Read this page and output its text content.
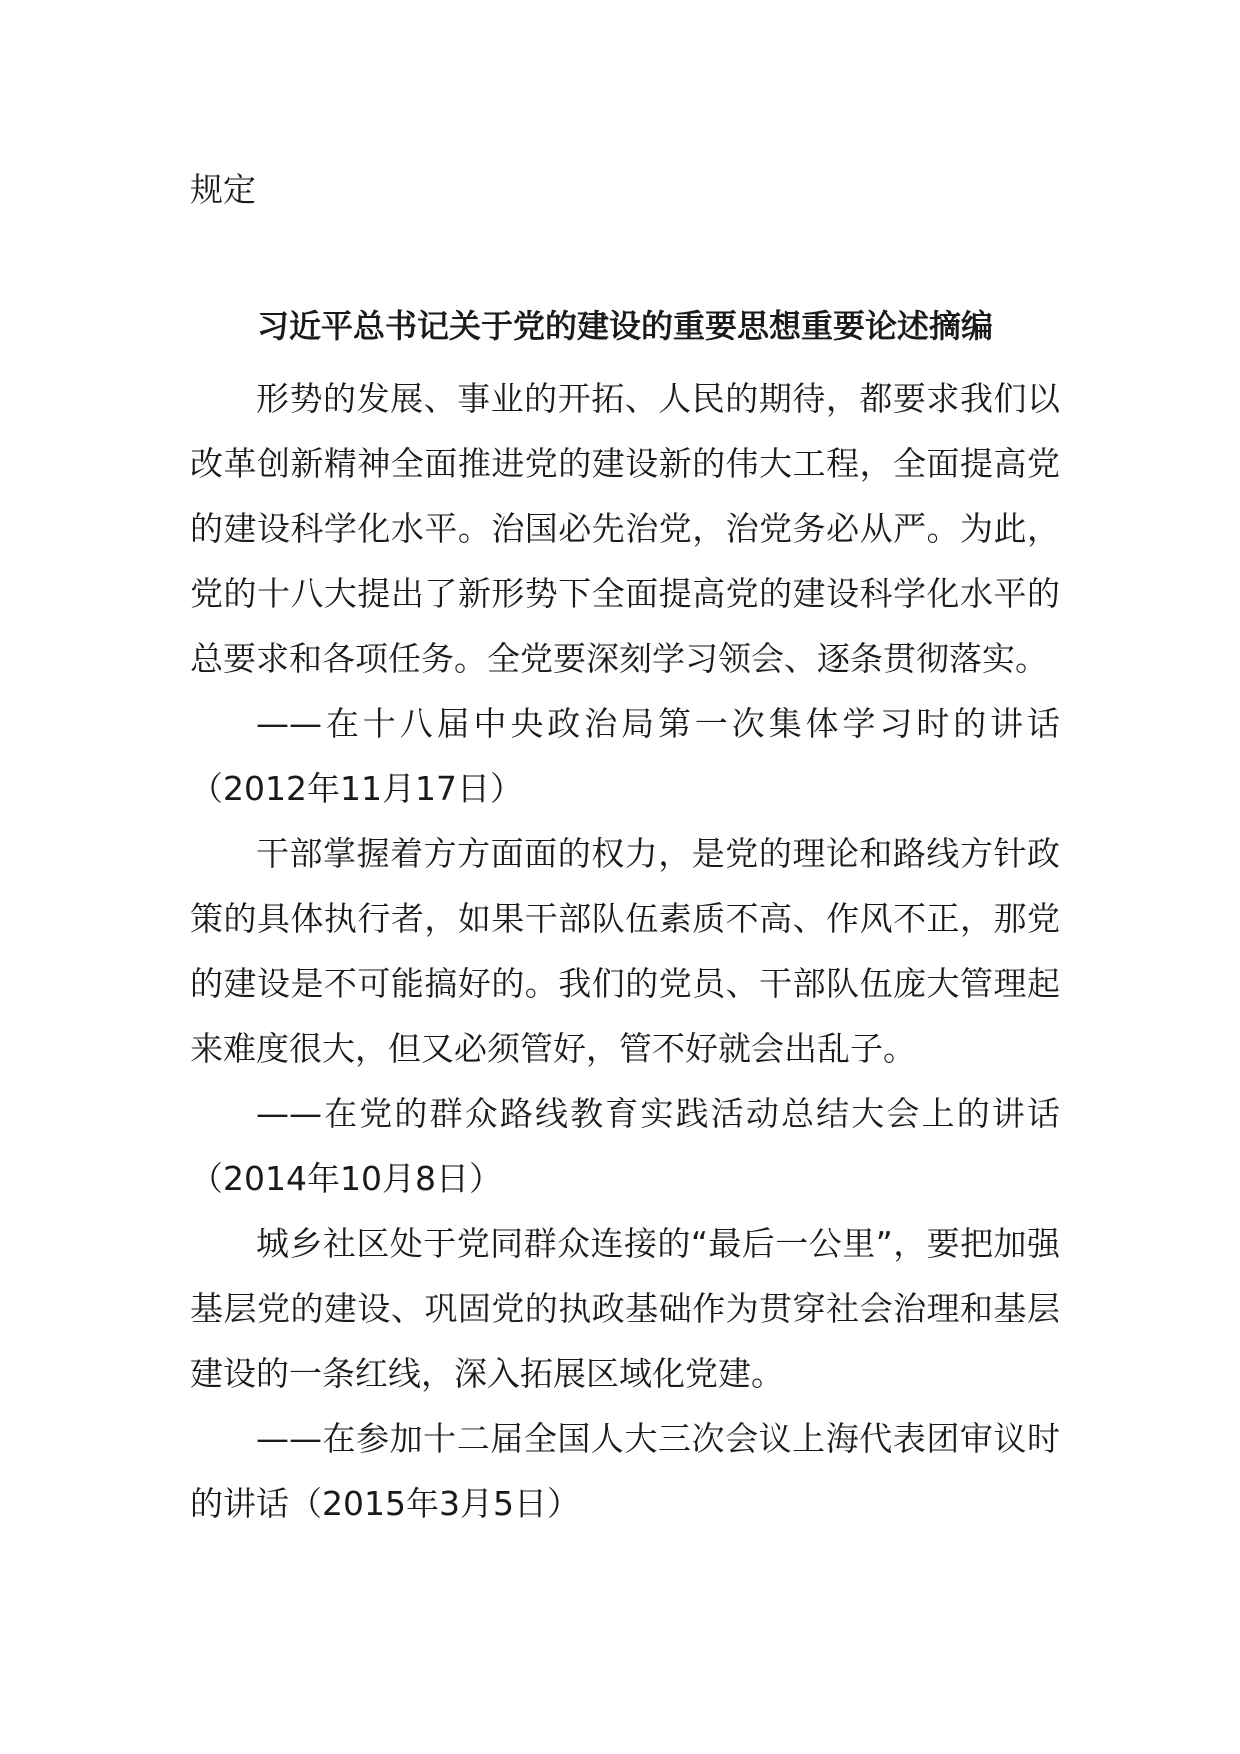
规定

习近平总书记关于党的建设的重要思想重要论述摘编

形势的发展、事业的开拓、人民的期待，都要求我们以改革创新精神全面推进党的建设新的伟大工程，全面提高党的建设科学化水平。治国必先治党，治党务必从严。为此，党的十八大提出了新形势下全面提高党的建设科学化水平的总要求和各项任务。全党要深刻学习领会、逐条贯彻落实。

——在十八届中央政治局第一次集体学习时的讲话（2012年11月17日）

干部掌握着方方面面的权力，是党的理论和路线方针政策的具体执行者，如果干部队伍素质不高、作风不正，那党的建设是不可能搞好的。我们的党员、干部队伍庞大管理起来难度很大，但又必须管好，管不好就会出乱子。

——在党的群众路线教育实践活动总结大会上的讲话（2014年10月8日）

城乡社区处于党同群众连接的“最后一公里”，要把加强基层党的建设、巩固党的执政基础作为贯穿社会治理和基层建设的一条红线，深入拓展区域化党建。

——在参加十二届全国人大三次会议上海代表团审议时的讲话（2015年3月5日）
